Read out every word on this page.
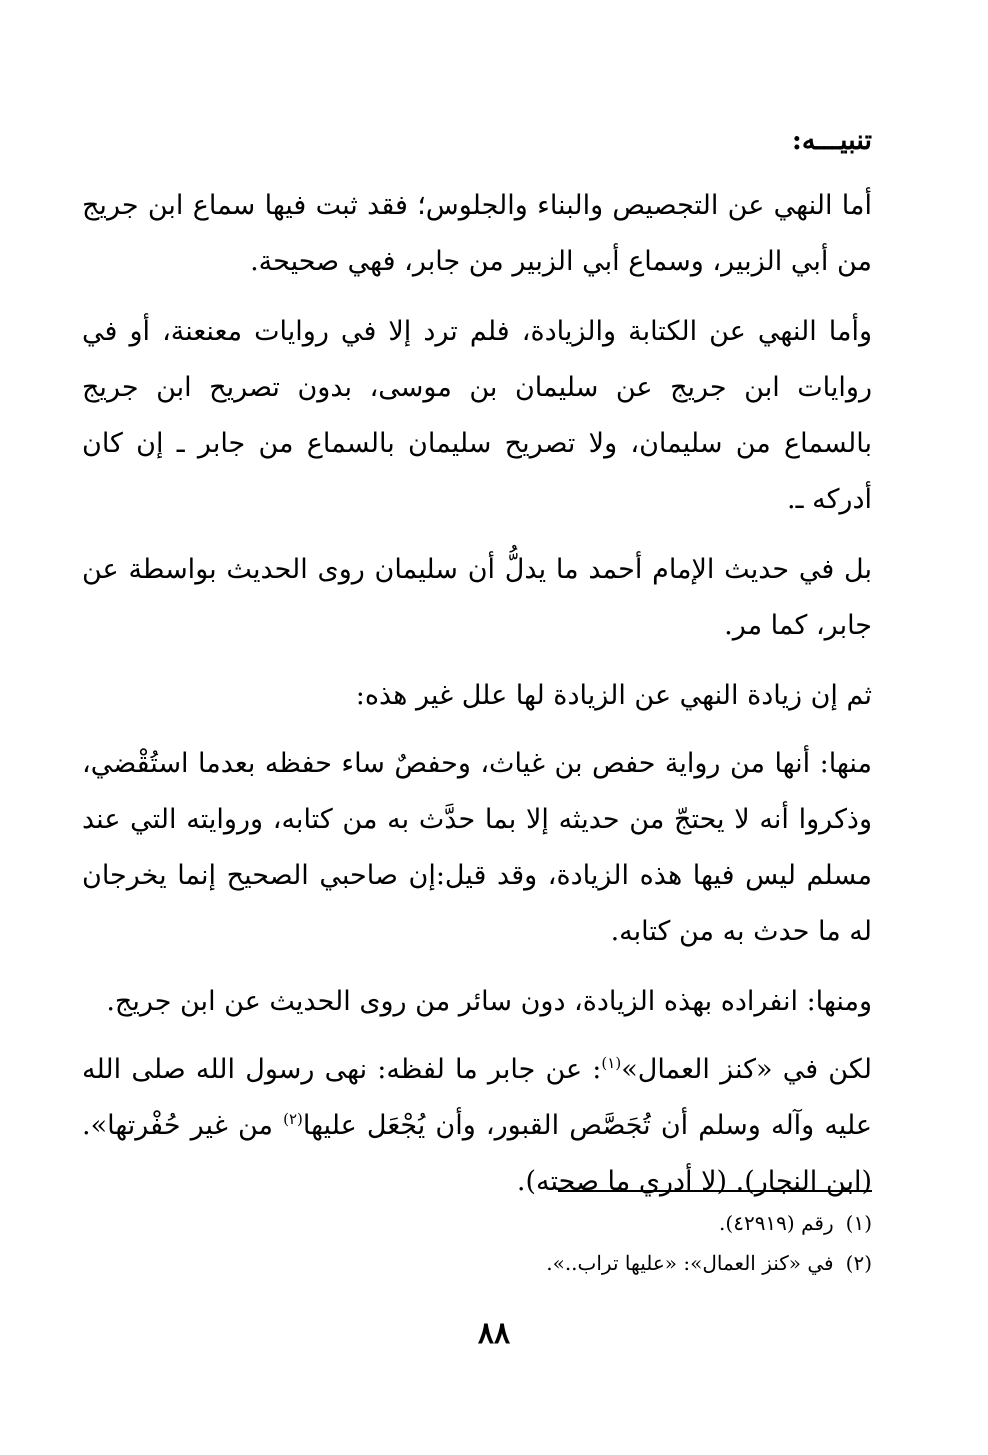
تنبيـــه:

أما النهي عن التجصيص والبناء والجلوس؛ فقد ثبت فيها سماع ابن جريج من أبي الزبير، وسماع أبي الزبير من جابر، فهي صحيحة.

وأما النهي عن الكتابة والزيادة، فلم ترد إلا في روايات معنعنة، أو في روايات ابن جريج عن سليمان بن موسى، بدون تصريح ابن جريج بالسماع من سليمان، ولا تصريح سليمان بالسماع من جابر ـ إن كان أدركه ـ.

بل في حديث الإمام أحمد ما يدلُّ أن سليمان روى الحديث بواسطة عن جابر، كما مر.

ثم إن زيادة النهي عن الزيادة لها علل غير هذه:

منها: أنها من رواية حفص بن غياث، وحفصٌ ساء حفظه بعدما استُقْضي، وذكروا أنه لا يحتجّ من حديثه إلا بما حدَّث به من كتابه، وروايته التي عند مسلم ليس فيها هذه الزيادة، وقد قيل:إن صاحبي الصحيح إنما يخرجان له ما حدث به من كتابه.

ومنها: انفراده بهذه الزيادة، دون سائر من روى الحديث عن ابن جريج.

لكن في «كنز العمال»$^{(١)}$: عن جابر ما لفظه: نهى رسول الله صلى الله عليه وآله وسلم أن تُجَصَّص القبور، وأن يُجْعَل عليها$^{(٢)}$ من غير حُفْرتها». (ابن النجار). (لا أدري ما صحته).

(١)رقم (٤٢٩١٩).
(٢)في «كنز العمال»: «عليها تراب..».
٨٨
